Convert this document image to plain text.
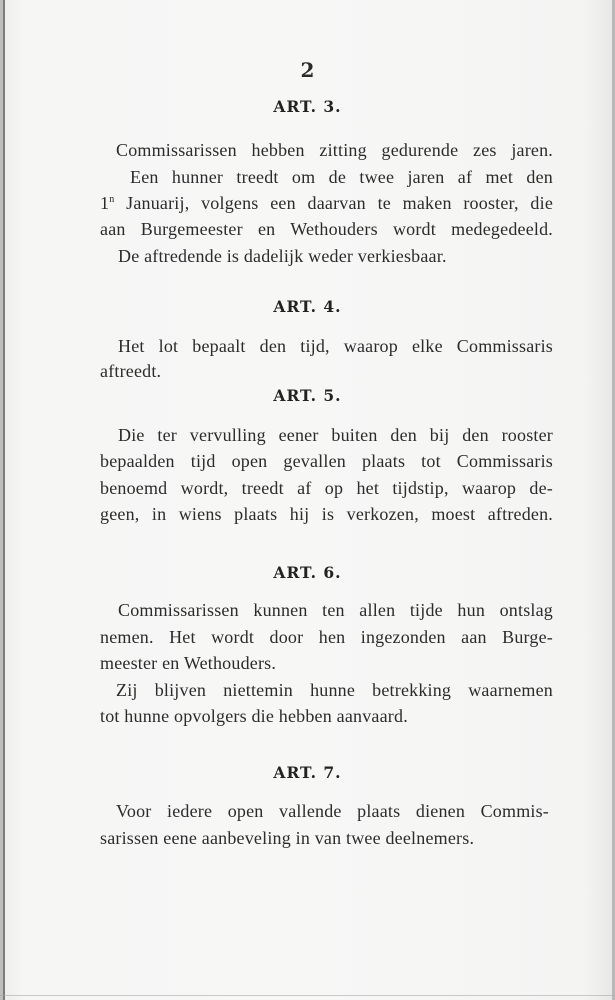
2
ART. 3.
Commissarissen hebben zitting gedurende zes jaren.
Een hunner treedt om de twee jaren af met den
1$^n$ Januarij, volgens een daarvan te maken rooster, die
aan Burgemeester en Wethouders wordt medegedeeld.
De aftredende is dadelijk weder verkiesbaar.
ART. 4.
Het lot bepaalt den tijd, waarop elke Commissaris
aftreedt.
ART. 5.
Die ter vervulling eener buiten den bij den rooster
bepaalden tijd open gevallen plaats tot Commissaris
benoemd wordt, treedt af op het tijdstip, waarop de-
geen, in wiens plaats hij is verkozen, moest aftreden.
ART. 6.
Commissarissen kunnen ten allen tijde hun ontslag
nemen. Het wordt door hen ingezonden aan Burge-
meester en Wethouders.
Zij blijven niettemin hunne betrekking waarnemen
tot hunne opvolgers die hebben aanvaard.
ART. 7.
Voor iedere open vallende plaats dienen Commis-
sarissen eene aanbeveling in van twee deelnemers.
